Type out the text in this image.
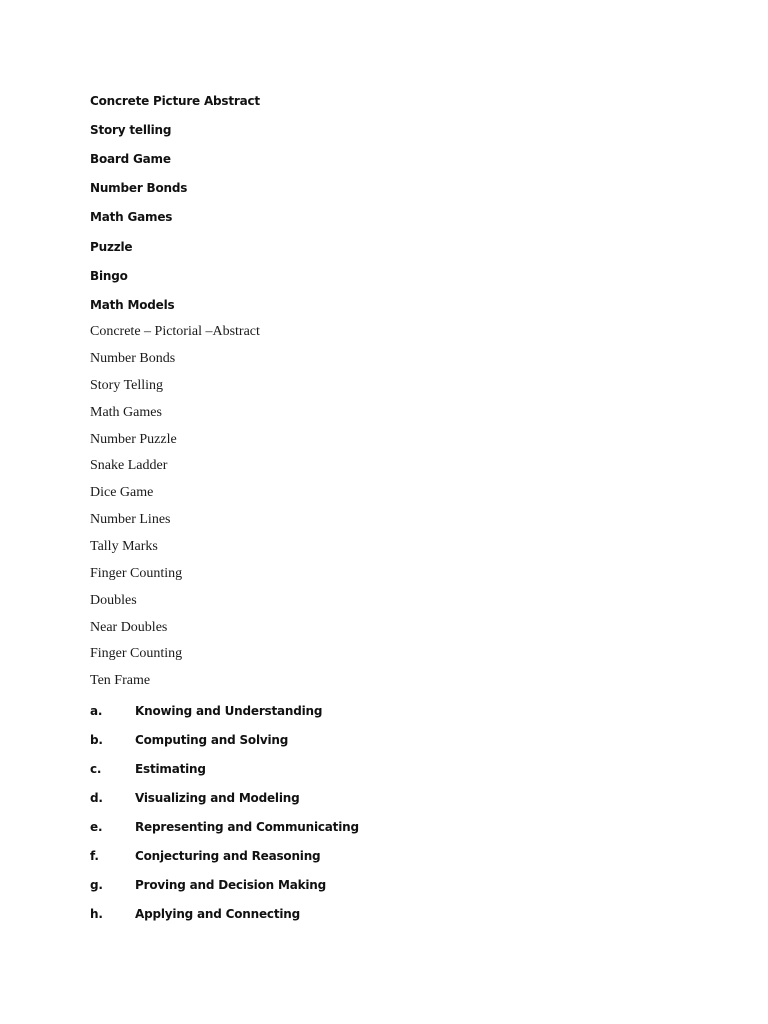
Concrete Picture Abstract
Story telling
Board Game
Number Bonds
Math Games
Puzzle
Bingo
Math Models
Concrete – Pictorial –Abstract
Number Bonds
Story Telling
Math Games
Number Puzzle
Snake Ladder
Dice Game
Number Lines
Tally Marks
Finger Counting
Doubles
Near Doubles
Finger Counting
Ten Frame
a.	Knowing and Understanding
b.	Computing and Solving
c.	Estimating
d.	Visualizing and Modeling
e.	Representing and Communicating
f.	Conjecturing and Reasoning
g.	Proving and Decision Making
h.	Applying and Connecting
